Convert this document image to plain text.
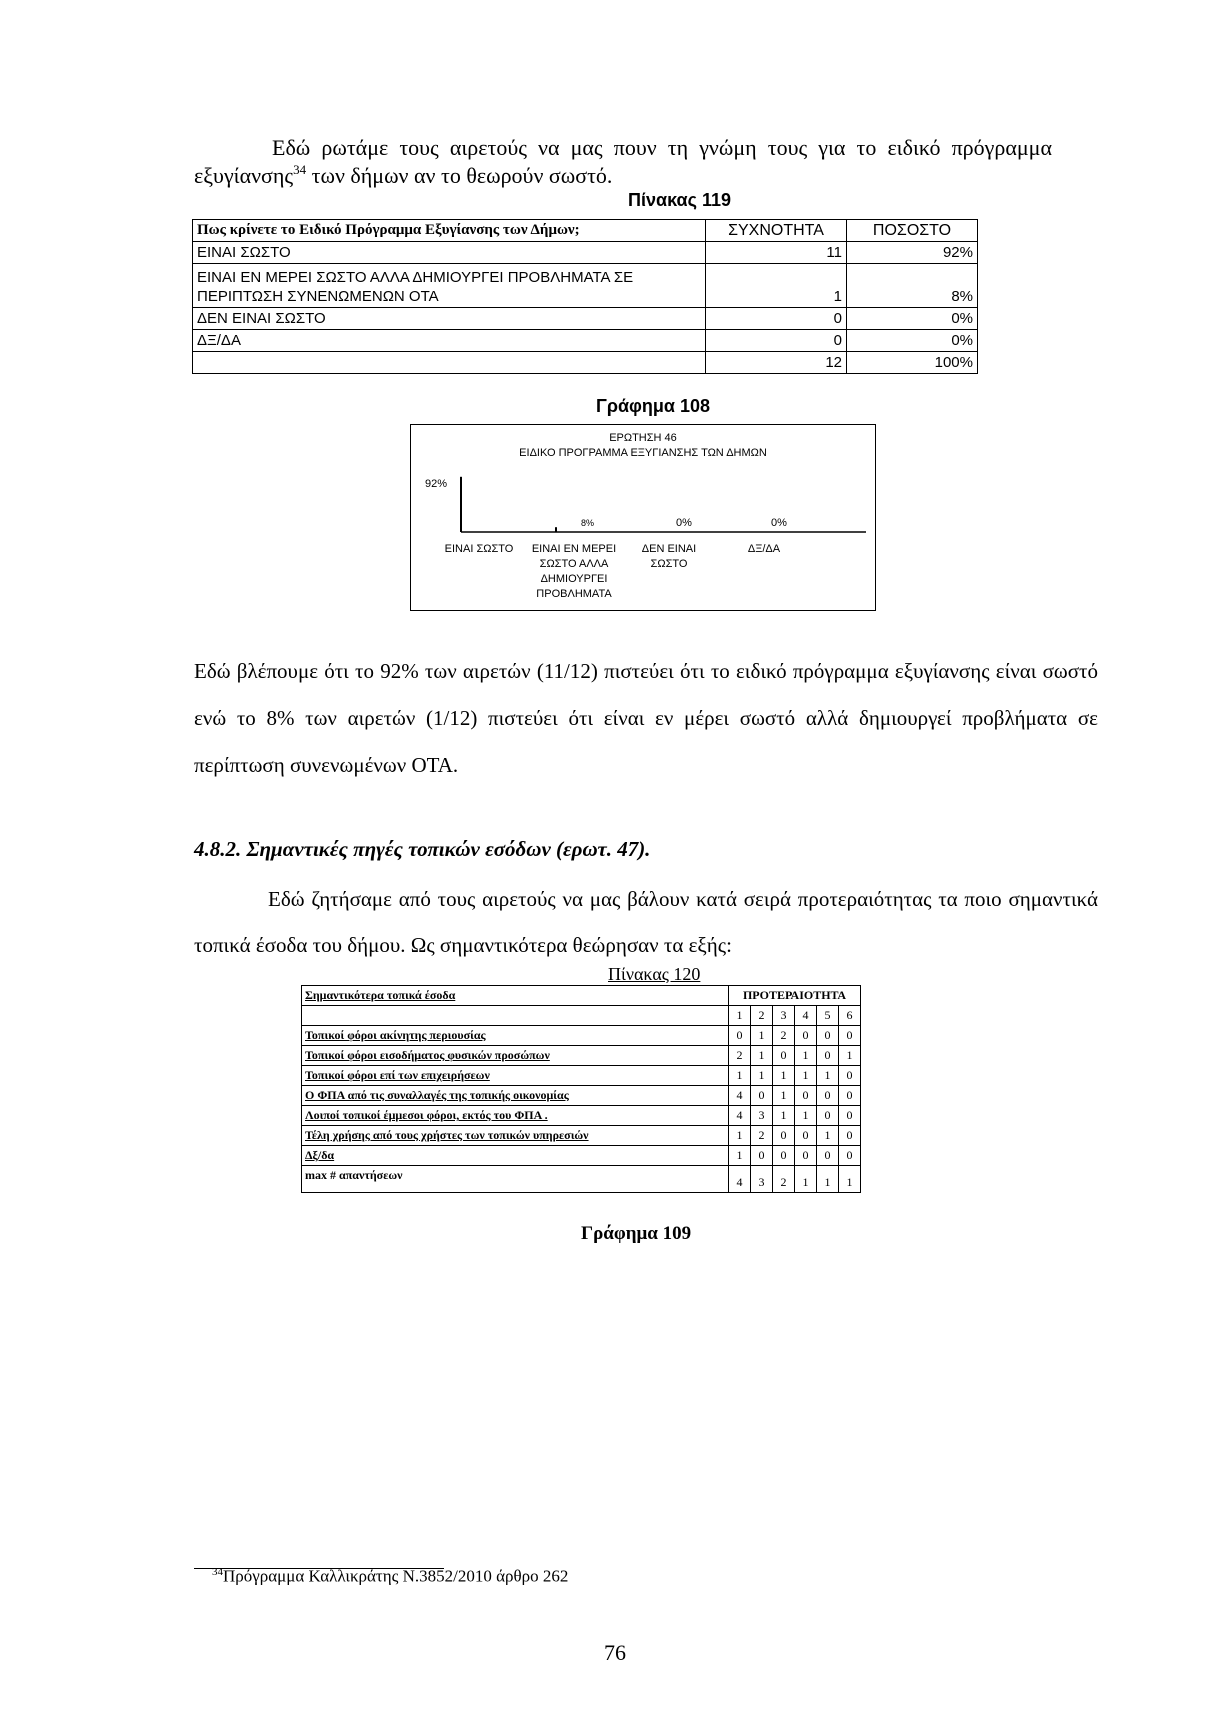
Εδώ ρωτάμε τους αιρετούς να μας πουν τη γνώμη τους για το ειδικό πρόγραμμα
εξυγίανσης$^{34}$ των δήμων αν το θεωρούν σωστό.
Πίνακας 119
Πως κρίνετε το Ειδικό Πρόγραμμα Εξυγίανσης των Δήμων;	ΣΥΧΝΟΤΗΤΑ	ΠΟΣΟΣΤΟ
ΕΙΝΑΙ ΣΩΣΤΟ	11	92%
ΕΙΝΑΙ ΕΝ ΜΕΡΕΙ ΣΩΣΤΟ ΑΛΛΑ ΔΗΜΙΟΥΡΓΕΙ ΠΡΟΒΛΗΜΑΤΑ ΣΕ ΠΕΡΙΠΤΩΣΗ ΣΥΝΕΝΩΜΕΝΩΝ ΟΤΑ	1	8%
ΔΕΝ ΕΙΝΑΙ ΣΩΣΤΟ	0	0%
ΔΞ/ΔΑ	0	0%
	12	100%
Γράφημα 108
ΕΡΩΤΗΣΗ 46
ΕΙΔΙΚΟ ΠΡΟΓΡΑΜΜΑ ΕΞΥΓΙΑΝΣΗΣ ΤΩΝ ΔΗΜΩΝ
92%
ΕΙΝΑΙ ΣΩΣΤΟ
8%
ΕΙΝΑΙ ΕΝ ΜΕΡΕΙ
ΣΩΣΤΟ ΑΛΛΑ
ΔΗΜΙΟΥΡΓΕΙ
ΠΡΟΒΛΗΜΑΤΑ
0%
ΔΕΝ ΕΙΝΑΙ
ΣΩΣΤΟ
0%
ΔΞ/ΔΑ
Εδώ βλέπουμε ότι το 92% των αιρετών (11/12) πιστεύει ότι το ειδικό πρόγραμμα εξυγίανσης είναι σωστό ενώ το 8% των αιρετών (1/12) πιστεύει ότι είναι εν μέρει σωστό αλλά δημιουργεί προβλήματα σε περίπτωση συνενωμένων ΟΤΑ.
4.8.2. Σημαντικές πηγές τοπικών εσόδων (ερωτ. 47).
Εδώ ζητήσαμε από τους αιρετούς να μας βάλουν κατά σειρά προτεραιότητας τα ποιο σημαντικά τοπικά έσοδα του δήμου. Ως σημαντικότερα θεώρησαν τα εξής:
Πίνακας 120
Σημαντικότερα τοπικά έσοδα	ΠΡΟΤΕΡΑΙΟΤΗΤΑ					
	1	2	3	4	5	6
Τοπικοί φόροι ακίνητης περιουσίας	0	1	2	0	0	0
Τοπικοί φόροι εισοδήματος φυσικών προσώπων	2	1	0	1	0	1
Τοπικοί φόροι επί των επιχειρήσεων	1	1	1	1	1	0
Ο ΦΠΑ από τις συναλλαγές της τοπικής οικονομίας	4	0	1	0	0	0
Λοιποί τοπικοί έμμεσοι φόροι, εκτός του ΦΠΑ .	4	3	1	1	0	0
Τέλη χρήσης από τους χρήστες των τοπικών υπηρεσιών	1	2	0	0	1	0
Δξ/δα	1	0	0	0	0	0
max # απαντήσεων	4	3	2	1	1	1
Γράφημα 109
$^{34}$Πρόγραμμα Καλλικράτης Ν.3852/2010 άρθρο 262
76
